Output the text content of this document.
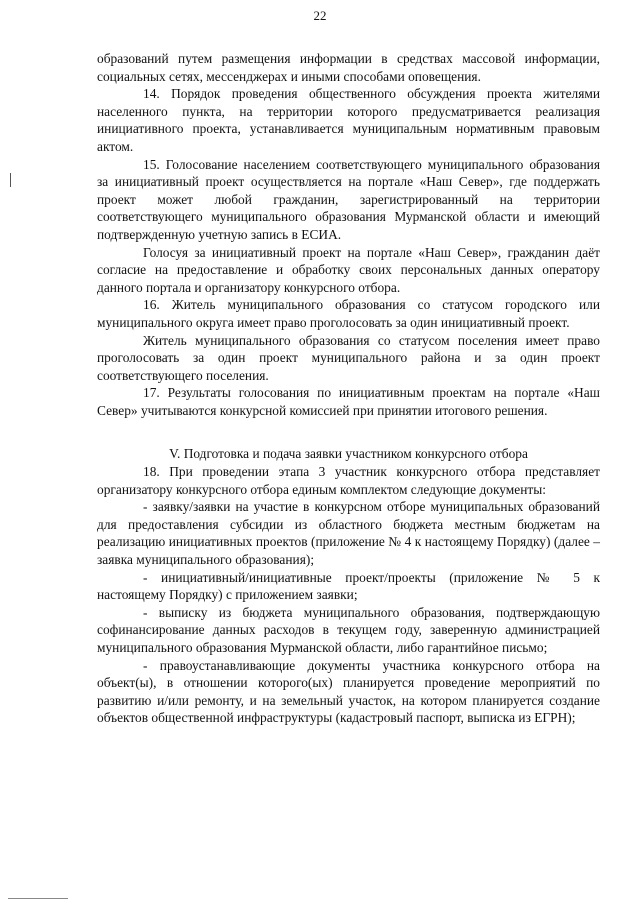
22

образований путем размещения информации в средствах массовой информации, социальных сетях, мессенджерах и иными способами оповещения.

14. Порядок проведения общественного обсуждения проекта жителями населенного пункта, на территории которого предусматривается реализация инициативного проекта, устанавливается муниципальным нормативным правовым актом.

15. Голосование населением соответствующего муниципального образования за инициативный проект осуществляется на портале «Наш Север», где поддержать проект может любой гражданин, зарегистрированный на территории соответствующего муниципального образования Мурманской области и имеющий подтвержденную учетную запись в ЕСИА.

Голосуя за инициативный проект на портале «Наш Север», гражданин даёт согласие на предоставление и обработку своих персональных данных оператору данного портала и организатору конкурсного отбора.

16. Житель муниципального образования со статусом городского или муниципального округа имеет право проголосовать за один инициативный проект.

Житель муниципального образования со статусом поселения имеет право проголосовать за один проект муниципального района и за один проект соответствующего поселения.

17. Результаты голосования по инициативным проектам на портале «Наш Север» учитываются конкурсной комиссией при принятии итогового решения.

V. Подготовка и подача заявки участником конкурсного отбора

18. При проведении этапа 3 участник конкурсного отбора представляет организатору конкурсного отбора единым комплектом следующие документы:

- заявку/заявки на участие в конкурсном отборе муниципальных образований для предоставления субсидии из областного бюджета местным бюджетам на реализацию инициативных проектов (приложение № 4 к настоящему Порядку) (далее – заявка муниципального образования);

- инициативный/инициативные проект/проекты (приложение № 5 к настоящему Порядку) с приложением заявки;

- выписку из бюджета муниципального образования, подтверждающую софинансирование данных расходов в текущем году, заверенную администрацией муниципального образования Мурманской области, либо гарантийное письмо;

- правоустанавливающие документы участника конкурсного отбора на объект(ы), в отношении которого(ых) планируется проведение мероприятий по развитию и/или ремонту, и на земельный участок, на котором планируется создание объектов общественной инфраструктуры (кадастровый паспорт, выписка из ЕГРН);
